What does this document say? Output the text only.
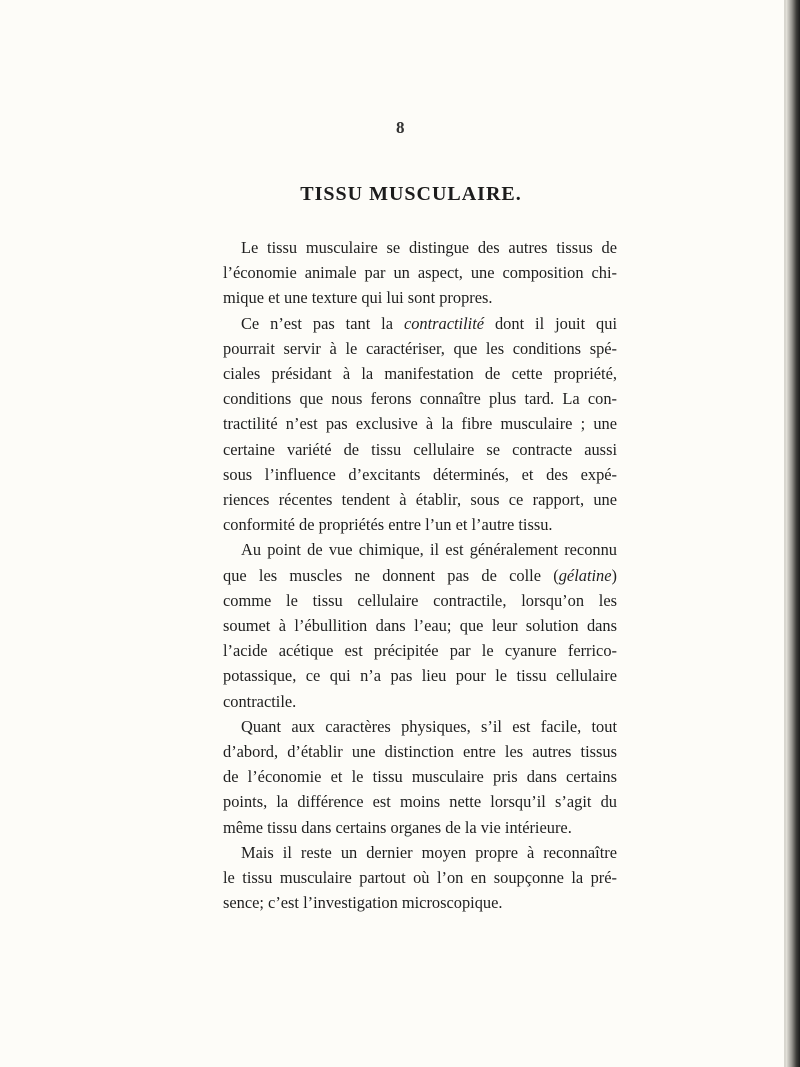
8
TISSU MUSCULAIRE.

Le tissu musculaire se distingue des autres tissus de
l’économie animale par un aspect, une composition chi-
mique et une texture qui lui sont propres.

Ce n’est pas tant la contractilité dont il jouit qui
pourrait servir à le caractériser, que les conditions spé-
ciales présidant à la manifestation de cette propriété,
conditions que nous ferons connaître plus tard. La con-
tractilité n’est pas exclusive à la fibre musculaire ; une
certaine variété de tissu cellulaire se contracte aussi
sous l’influence d’excitants déterminés, et des expé-
riences récentes tendent à établir, sous ce rapport, une
conformité de propriétés entre l’un et l’autre tissu.

Au point de vue chimique, il est généralement reconnu
que les muscles ne donnent pas de colle (gélatine)
comme le tissu cellulaire contractile, lorsqu’on les
soumet à l’ébullition dans l’eau; que leur solution dans
l’acide acétique est précipitée par le cyanure ferrico-
potassique, ce qui n’a pas lieu pour le tissu cellulaire
contractile.

Quant aux caractères physiques, s’il est facile, tout
d’abord, d’établir une distinction entre les autres tissus
de l’économie et le tissu musculaire pris dans certains
points, la différence est moins nette lorsqu’il s’agit du
même tissu dans certains organes de la vie intérieure.

Mais il reste un dernier moyen propre à reconnaître
le tissu musculaire partout où l’on en soupçonne la pré-
sence; c’est l’investigation microscopique.
